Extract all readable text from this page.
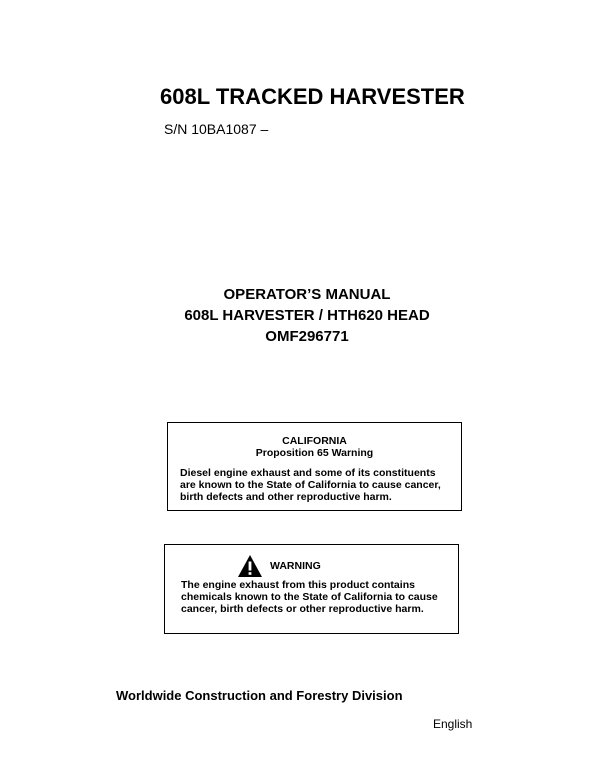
608L TRACKED HARVESTER
S/N 10BA1087 –
OPERATOR’S MANUAL
608L HARVESTER / HTH620 HEAD
OMF296771
CALIFORNIA
Proposition 65 Warning
Diesel engine exhaust and some of its constituents
are known to the State of California to cause cancer,
birth defects and other reproductive harm.
WARNING
The engine exhaust from this product contains
chemicals known to the State of California to cause
cancer, birth defects or other reproductive harm.
Worldwide Construction and Forestry Division
English
